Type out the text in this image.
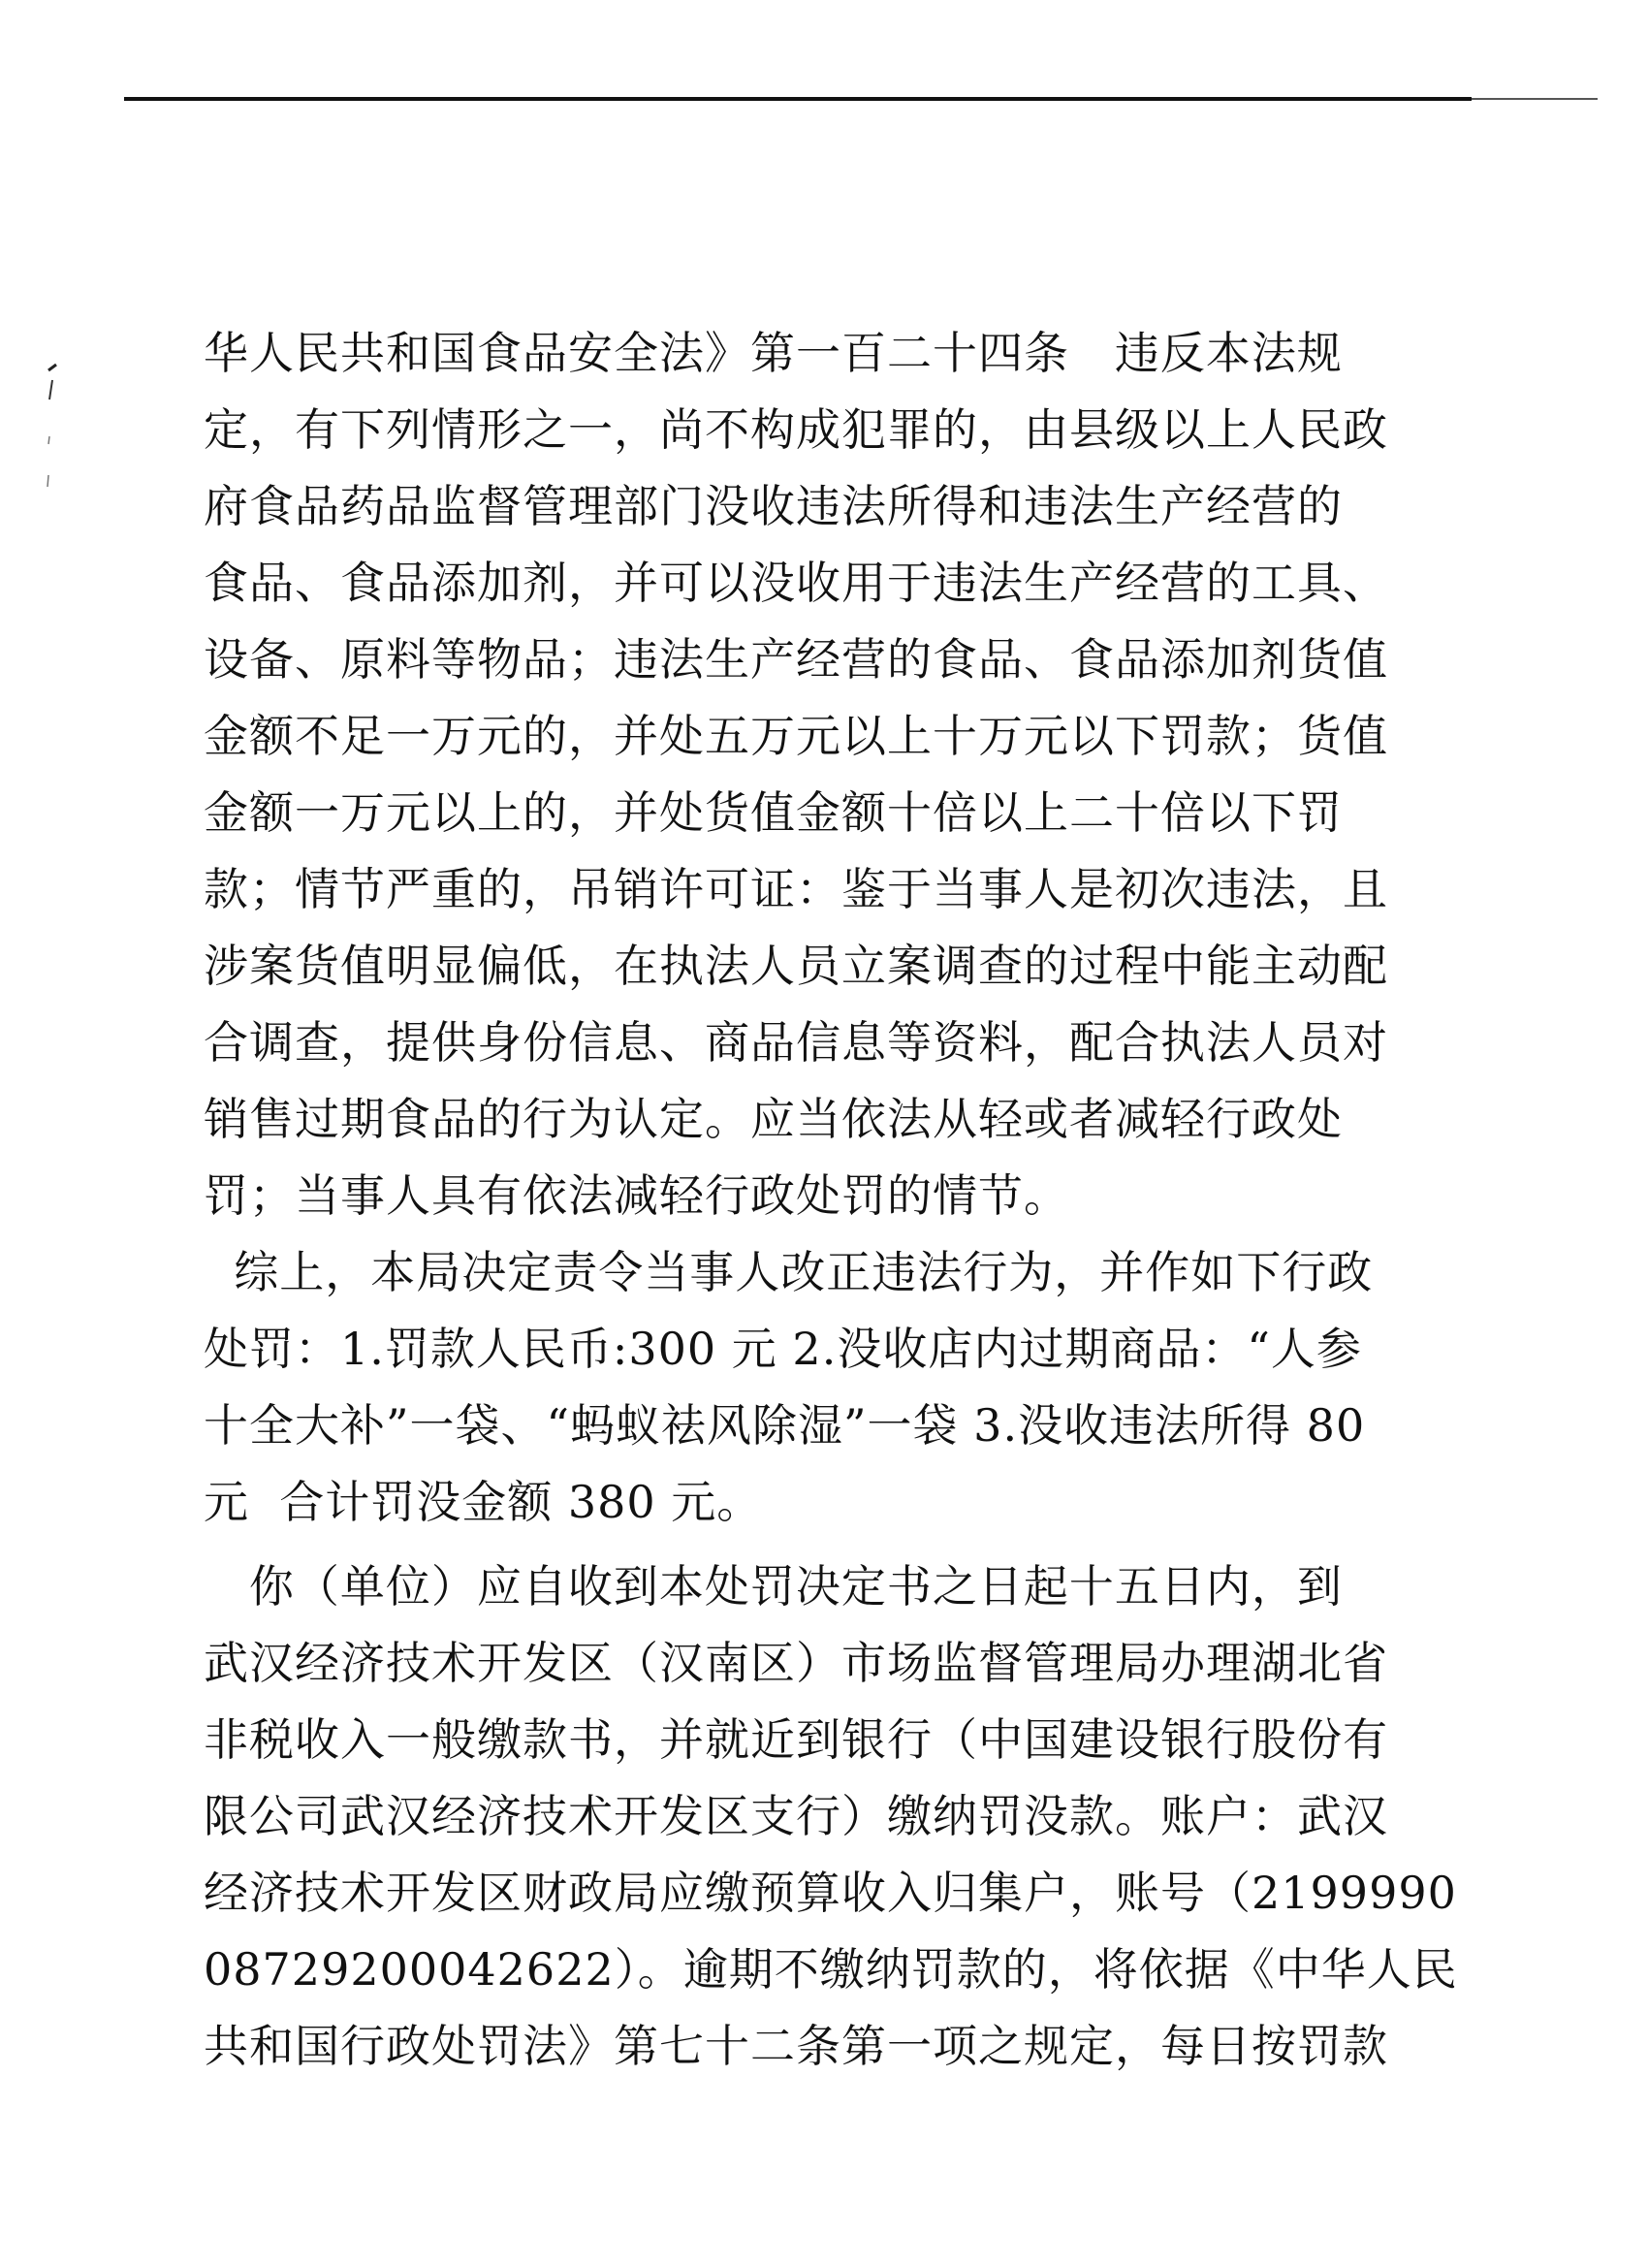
华人民共和国食品安全法》第一百二十四条   违反本法规
定，有下列情形之一，尚不构成犯罪的，由县级以上人民政
府食品药品监督管理部门没收违法所得和违法生产经营的
食品、食品添加剂，并可以没收用于违法生产经营的工具、
设备、原料等物品；违法生产经营的食品、食品添加剂货值
金额不足一万元的，并处五万元以上十万元以下罚款；货值
金额一万元以上的，并处货值金额十倍以上二十倍以下罚
款；情节严重的，吊销许可证：鉴于当事人是初次违法，且
涉案货值明显偏低，在执法人员立案调查的过程中能主动配
合调查，提供身份信息、商品信息等资料，配合执法人员对
销售过期食品的行为认定。应当依法从轻或者减轻行政处
罚；当事人具有依法减轻行政处罚的情节。
综上，本局决定责令当事人改正违法行为，并作如下行政
处罚：1.罚款人民币:300 元 2.没收店内过期商品：“人参
十全大补”一袋、“蚂蚁祛风除湿”一袋 3.没收违法所得 80
元  合计罚没金额 380 元。
你（单位）应自收到本处罚决定书之日起十五日内，到
武汉经济技术开发区（汉南区）市场监督管理局办理湖北省
非税收入一般缴款书，并就近到银行（中国建设银行股份有
限公司武汉经济技术开发区支行）缴纳罚没款。账户：武汉
经济技术开发区财政局应缴预算收入归集户，账号（2199990
08729200042622）。逾期不缴纳罚款的，将依据《中华人民
共和国行政处罚法》第七十二条第一项之规定，每日按罚款
